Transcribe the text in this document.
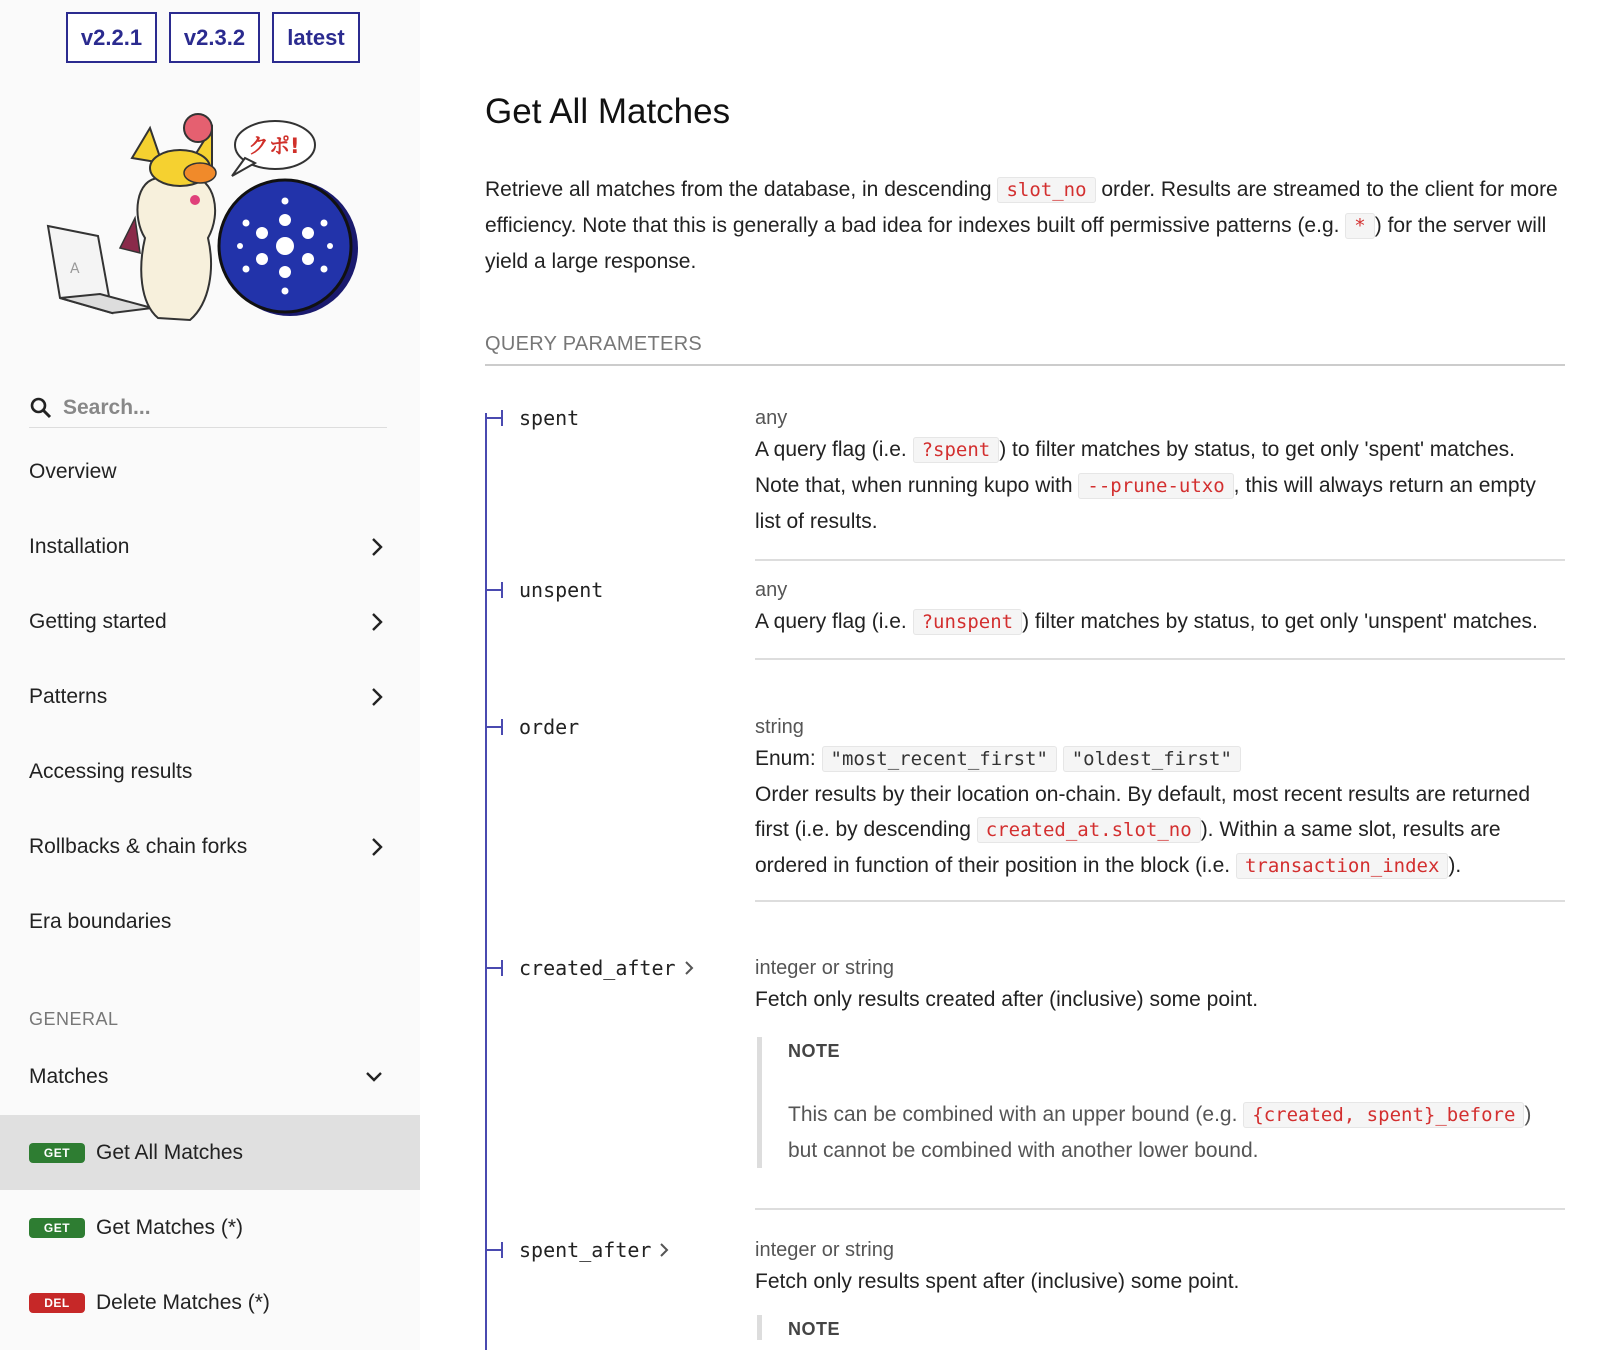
v2.2.1	v2.3.2	latest
A
クポ!
Search...
Overview
Installation
Getting started
Patterns
Accessing results
Rollbacks & chain forks
Era boundaries
GENERAL
Matches
GET	Get All Matches
GET	Get Matches (*)
DEL	Delete Matches (*)
Get All Matches

Retrieve all matches from the database, in descending slot_no order. Results are streamed to the client for more efficiency. Note that this is generally a bad idea for indexes built off permissive patterns (e.g. * ) for the server will yield a large response.

QUERY PARAMETERS
spent	any
A query flag (i.e. ?spent ) to filter matches by status, to get only 'spent' matches. Note that, when running kupo with --prune-utxo , this will always return an empty list of results.
unspent	any
A query flag (i.e. ?unspent ) filter matches by status, to get only 'unspent' matches.
order	string
Enum: "most_recent_first" "oldest_first"
Order results by their location on-chain. By default, most recent results are returned first (i.e. by descending created_at.slot_no ). Within a same slot, results are ordered in function of their position in the block (i.e. transaction_index ).
created_after	integer or string
Fetch only results created after (inclusive) some point.
NOTE
This can be combined with an upper bound (e.g. {created, spent}_before ) but cannot be combined with another lower bound.
spent_after	integer or string
Fetch only results spent after (inclusive) some point.
NOTE
